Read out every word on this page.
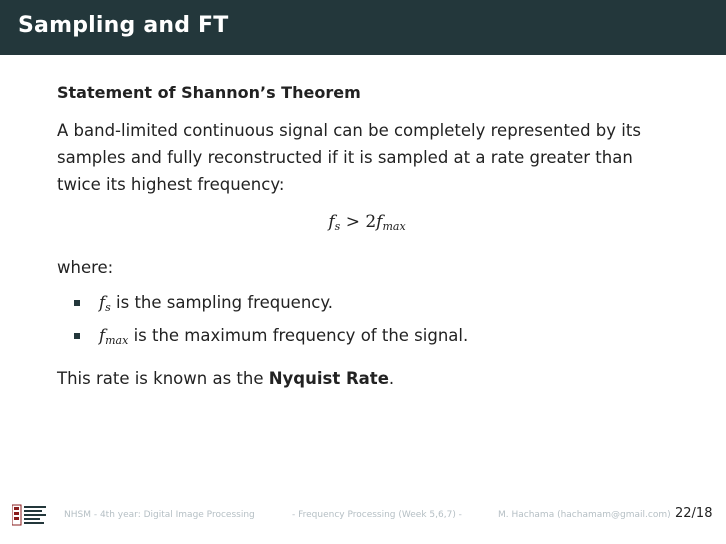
Sampling and FT
Statement of Shannon’s Theorem

A band-limited continuous signal can be completely represented by its
samples and fully reconstructed if it is sampled at a rate greater than
twice its highest frequency:

$f_s > 2f_{max}$
where:
$f_s$ is the sampling frequency.
$f_{max}$ is the maximum frequency of the signal.
This rate is known as the Nyquist Rate.
NHSM - 4th year: Digital Image Processing	- Frequency Processing (Week 5,6,7) -	M. Hachama (hachamam@gmail.com) 22/18
